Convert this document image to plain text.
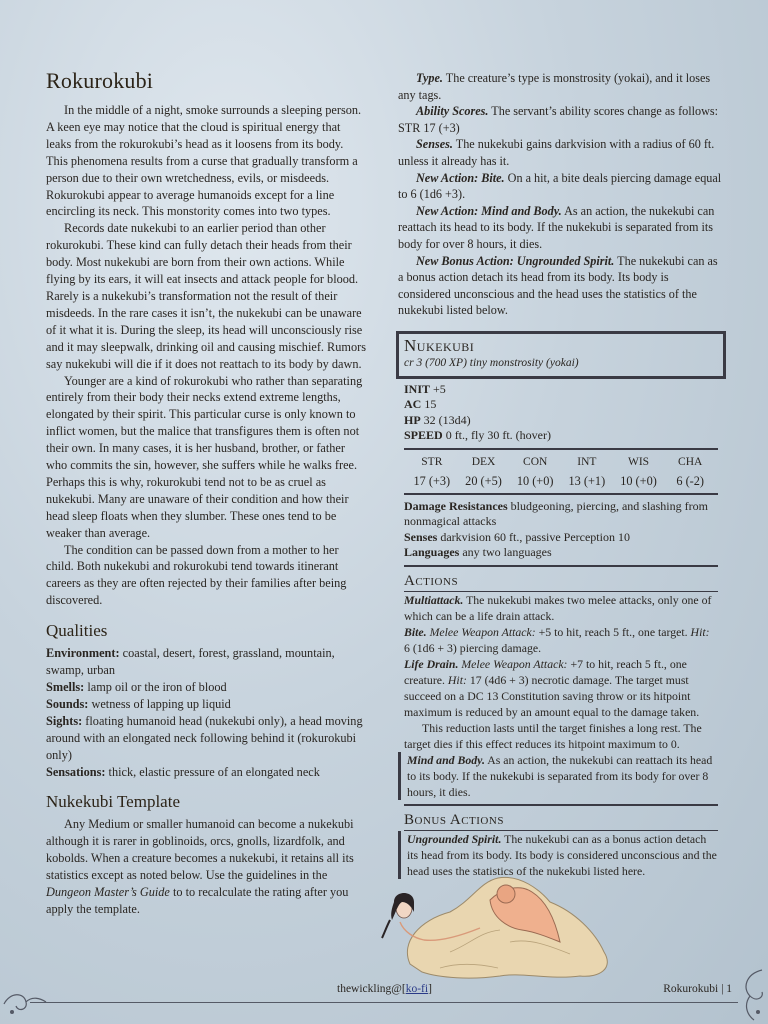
Rokurokubi

In the middle of a night, smoke surrounds a sleeping person. A keen eye may notice that the cloud is spiritual energy that leaks from the rokurokubi’s head as it loosens from its body. This phenomena results from a curse that gradually transform a person due to their own wretchedness, evils, or misdeeds. Rokurokubi appear to average humanoids except for a line encircling its neck. This monstority comes into two types.

Records date nukekubi to an earlier period than other rokurokubi. These kind can fully detach their heads from their body. Most nukekubi are born from their own actions. While flying by its ears, it will eat insects and attack people for blood. Rarely is a nukekubi’s transformation not the result of their misdeeds. In the rare cases it isn’t, the nukekubi can be unaware of it what it is. During the sleep, its head will unconsciously rise and it may sleepwalk, drinking oil and causing mischief. Rumors say nukekubi will die if it does not reattach to its body by dawn.

Younger are a kind of rokurokubi who rather than separating entirely from their body their necks extend extreme lengths, elongated by their spirit. This particular curse is only known to inflict women, but the malice that transfigures them is often not their own. In many cases, it is her husband, brother, or father who commits the sin, however, she suffers while he walks free. Perhaps this is why, rokurokubi tend not to be as cruel as nukekubi. Many are unaware of their condition and how their head sleep floats when they slumber. These ones tend to be weaker than average.

The condition can be passed down from a mother to her child. Both nukekubi and rokurokubi tend towards itinerant careers as they are often rejected by their families after being discovered.

Qualities
Environment: coastal, desert, forest, grassland, mountain, swamp, urban
Smells: lamp oil or the iron of blood
Sounds: wetness of lapping up liquid
Sights: floating humanoid head (nukekubi only), a head moving around with an elongated neck following behind it (rokurokubi only)
Sensations: thick, elastic pressure of an elongated neck
Nukekubi Template

Any Medium or smaller humanoid can become a nukekubi although it is rarer in goblinoids, orcs, gnolls, lizardfolk, and kobolds. When a creature becomes a nukekubi, it retains all its statistics except as noted below. Use the guidelines in the Dungeon Master’s Guide to to recalculate the rating after you apply the template.

Type. The creature’s type is monstrosity (yokai), and it loses

any tags.

Ability Scores. The servant’s ability scores change as follows: STR 17 (+3)

Senses. The nukekubi gains darkvision with a radius of 60 ft. unless it already has it.

New Action: Bite. On a hit, a bite deals piercing damage equal to 6 (1d6 +3).

New Action: Mind and Body. As an action, the nukekubi can reattach its head to its body. If the nukekubi is separated from its body for over 8 hours, it dies.

New Bonus Action: Ungrounded Spirit. The nukekubi can as a bonus action detach its head from its body. Its body is considered unconscious and the head uses the statistics of the nukekubi listed below.

Nukekubi

cr 3 (700 XP) tiny monstrosity (yokai)

INIT +5

AC 15

HP 32 (13d4)

SPEED 0 ft., fly 30 ft. (hover)

STR	DEX	CON	INT	WIS	CHA
17 (+3)	20 (+5)	10 (+0)	13 (+1)	10 (+0)	6 (-2)

Damage Resistances bludgeoning, piercing, and slashing from nonmagical attacks

Senses darkvision 60 ft., passive Perception 10

Languages any two languages

Actions

Multiattack. The nukekubi makes two melee attacks, only one of which can be a life drain attack.

Bite. Melee Weapon Attack: +5 to hit, reach 5 ft., one target. Hit: 6 (1d6 + 3) piercing damage.

Life Drain. Melee Weapon Attack: +7 to hit, reach 5 ft., one creature. Hit: 17 (4d6 + 3) necrotic damage. The target must succeed on a DC 13 Constitution saving throw or its hitpoint maximum is reduced by an amount equal to the damage taken.

This reduction lasts until the target finishes a long rest. The target dies if this effect reduces its hitpoint maximum to 0.

Mind and Body. As an action, the nukekubi can reattach its head to its body. If the nukekubi is separated from its body for over 8 hours, it dies.

Bonus Actions

Ungrounded Spirit. The nukekubi can as a bonus action detach its head from its body. Its body is considered unconscious and the head uses the statistics of the nukekubi listed here.

thewickling@[ko-fi]	Rokurokubi | 1
